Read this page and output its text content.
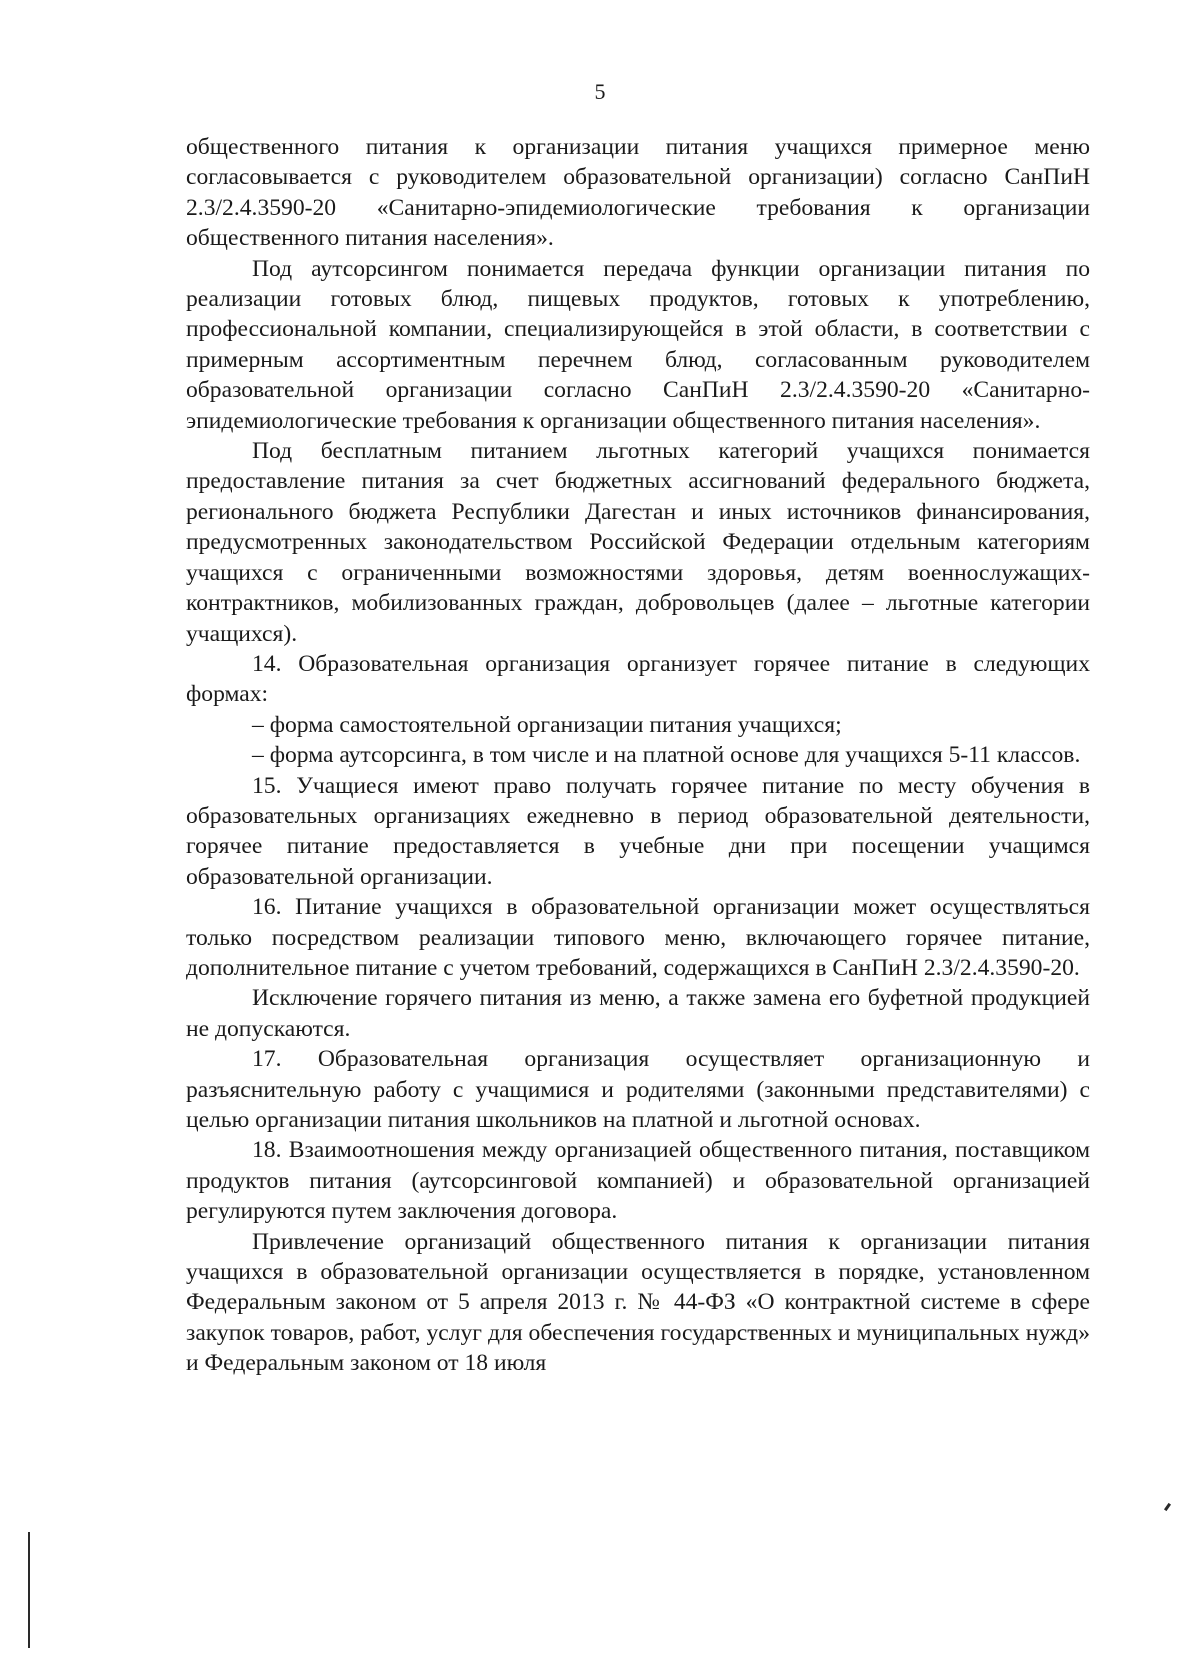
5

общественного питания к организации питания учащихся примерное меню согласовывается с руководителем образовательной организации) согласно СанПиН 2.3/2.4.3590-20 «Санитарно-эпидемиологические требования к организации общественного питания населения».

Под аутсорсингом понимается передача функции организации питания по реализации готовых блюд, пищевых продуктов, готовых к употреблению, профессиональной компании, специализирующейся в этой области, в соответствии с примерным ассортиментным перечнем блюд, согласованным руководителем образовательной организации согласно СанПиН 2.3/2.4.3590-20 «Санитарно- эпидемиологические требования к организации общественного питания населения».

Под бесплатным питанием льготных категорий учащихся понимается предоставление питания за счет бюджетных ассигнований федерального бюджета, регионального бюджета Республики Дагестан и иных источников финансирования, предусмотренных законодательством Российской Федерации отдельным категориям учащихся с ограниченными возможностями здоровья, детям военнослужащих-контрактников, мобилизованных граждан, добровольцев (далее – льготные категории учащихся).

14. Образовательная организация организует горячее питание в следующих формах:

– форма самостоятельной организации питания учащихся;

– форма аутсорсинга, в том числе и на платной основе для учащихся 5-11 классов.

15. Учащиеся имеют право получать горячее питание по месту обучения в образовательных организациях ежедневно в период образовательной деятельности, горячее питание предоставляется в учебные дни при посещении учащимся образовательной организации.

16. Питание учащихся в образовательной организации может осуществляться только посредством реализации типового меню, включающего горячее питание, дополнительное питание с учетом требований, содержащихся в СанПиН 2.3/2.4.3590-20.

Исключение горячего питания из меню, а также замена его буфетной продукцией не допускаются.

17. Образовательная организация осуществляет организационную и разъяснительную работу с учащимися и родителями (законными представителями) с целью организации питания школьников на платной и льготной основах.

18. Взаимоотношения между организацией общественного питания, поставщиком продуктов питания (аутсорсинговой компанией) и образовательной организацией регулируются путем заключения договора.

Привлечение организаций общественного питания к организации питания учащихся в образовательной организации осуществляется в порядке, установленном Федеральным законом от 5 апреля 2013 г. № 44-ФЗ «О контрактной системе в сфере закупок товаров, работ, услуг для обеспечения государственных и муниципальных нужд» и Федеральным законом от 18 июля
